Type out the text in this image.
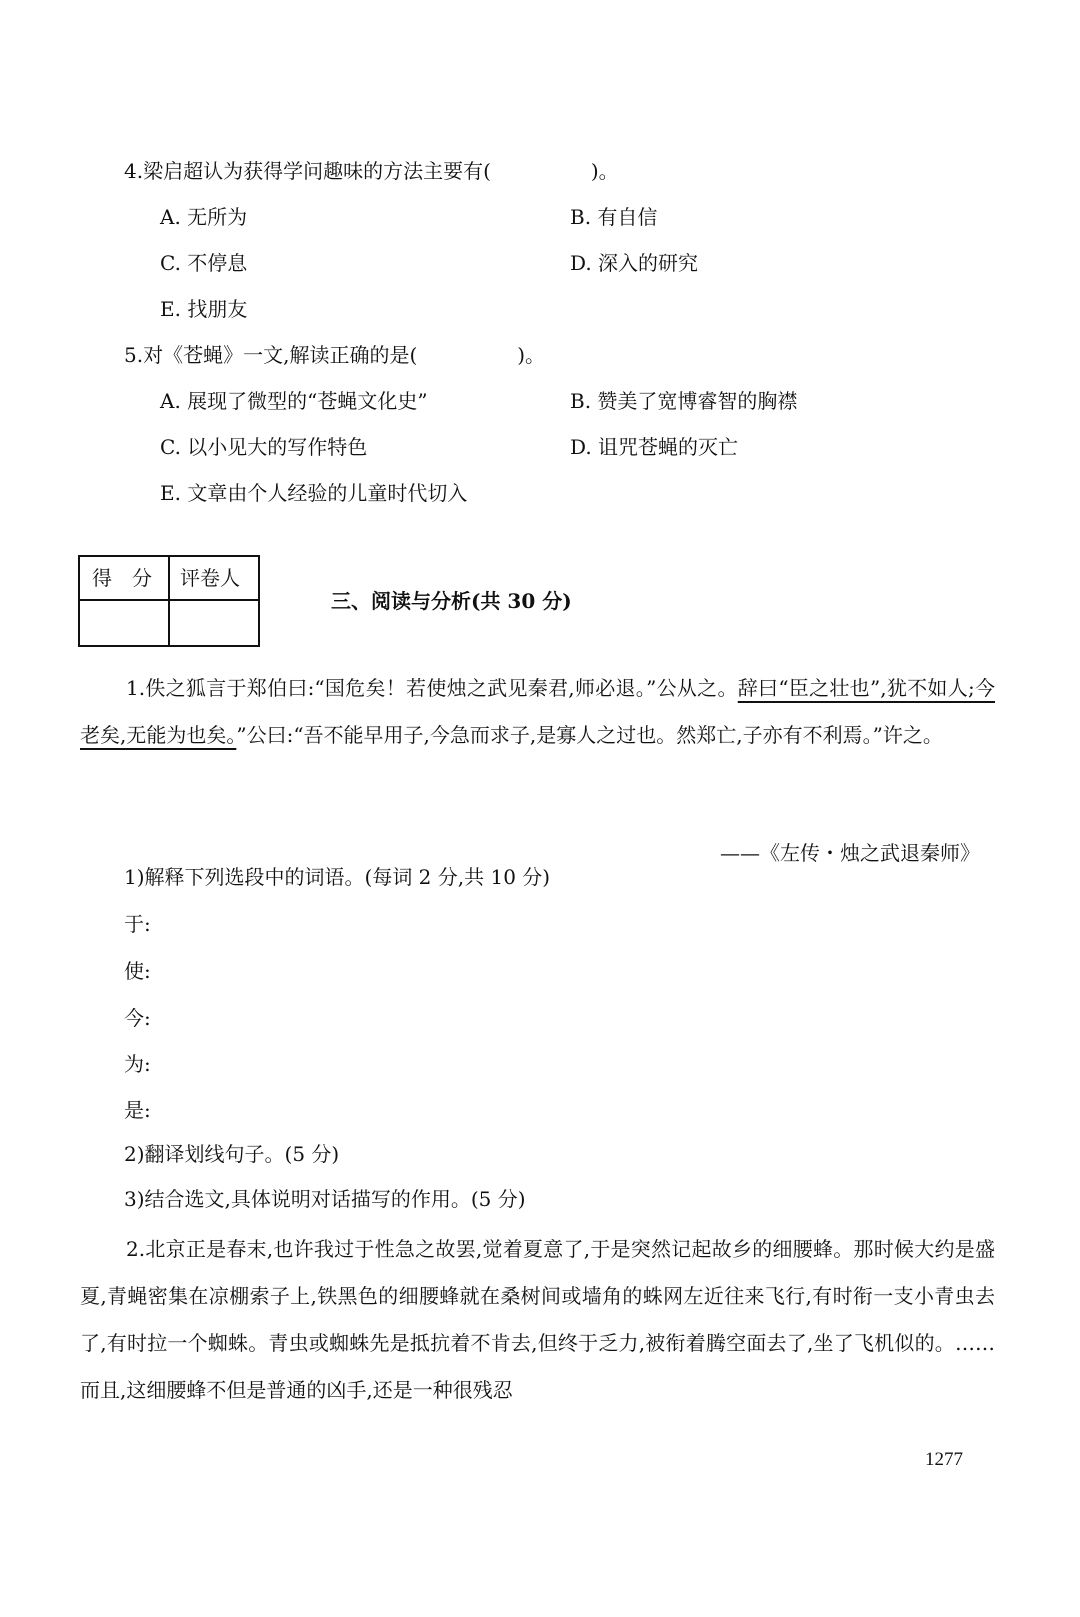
4.梁启超认为获得学问趣味的方法主要有(　　　　　)。
A. 无所为	B. 有自信
C. 不停息	D. 深入的研究
E. 找朋友
5.对《苍蝇》一文,解读正确的是(　　　　　)。
A. 展现了微型的“苍蝇文化史”	B. 赞美了宽博睿智的胸襟
C. 以小见大的写作特色	D. 诅咒苍蝇的灭亡
E. 文章由个人经验的儿童时代切入
得　分 评卷人
三、阅读与分析(共 30 分)
1.佚之狐言于郑伯曰:“国危矣！若使烛之武见秦君,师必退。”公从之。辞曰“臣之壮也”,犹不如人;今老矣,无能为也矣。”公曰:“吾不能早用子,今急而求子,是寡人之过也。然郑亡,子亦有不利焉。”许之。
——《左传・烛之武退秦师》
1)解释下列选段中的词语。(每词 2 分,共 10 分)
于:
使:
今:
为:
是:
2)翻译划线句子。(5 分)
3)结合选文,具体说明对话描写的作用。(5 分)
2.北京正是春末,也许我过于性急之故罢,觉着夏意了,于是突然记起故乡的细腰蜂。那时候大约是盛夏,青蝇密集在凉棚索子上,铁黑色的细腰蜂就在桑树间或墙角的蛛网左近往来飞行,有时衔一支小青虫去了,有时拉一个蜘蛛。青虫或蜘蛛先是抵抗着不肯去,但终于乏力,被衔着腾空面去了,坐了飞机似的。……而且,这细腰蜂不但是普通的凶手,还是一种很残忍
1277
